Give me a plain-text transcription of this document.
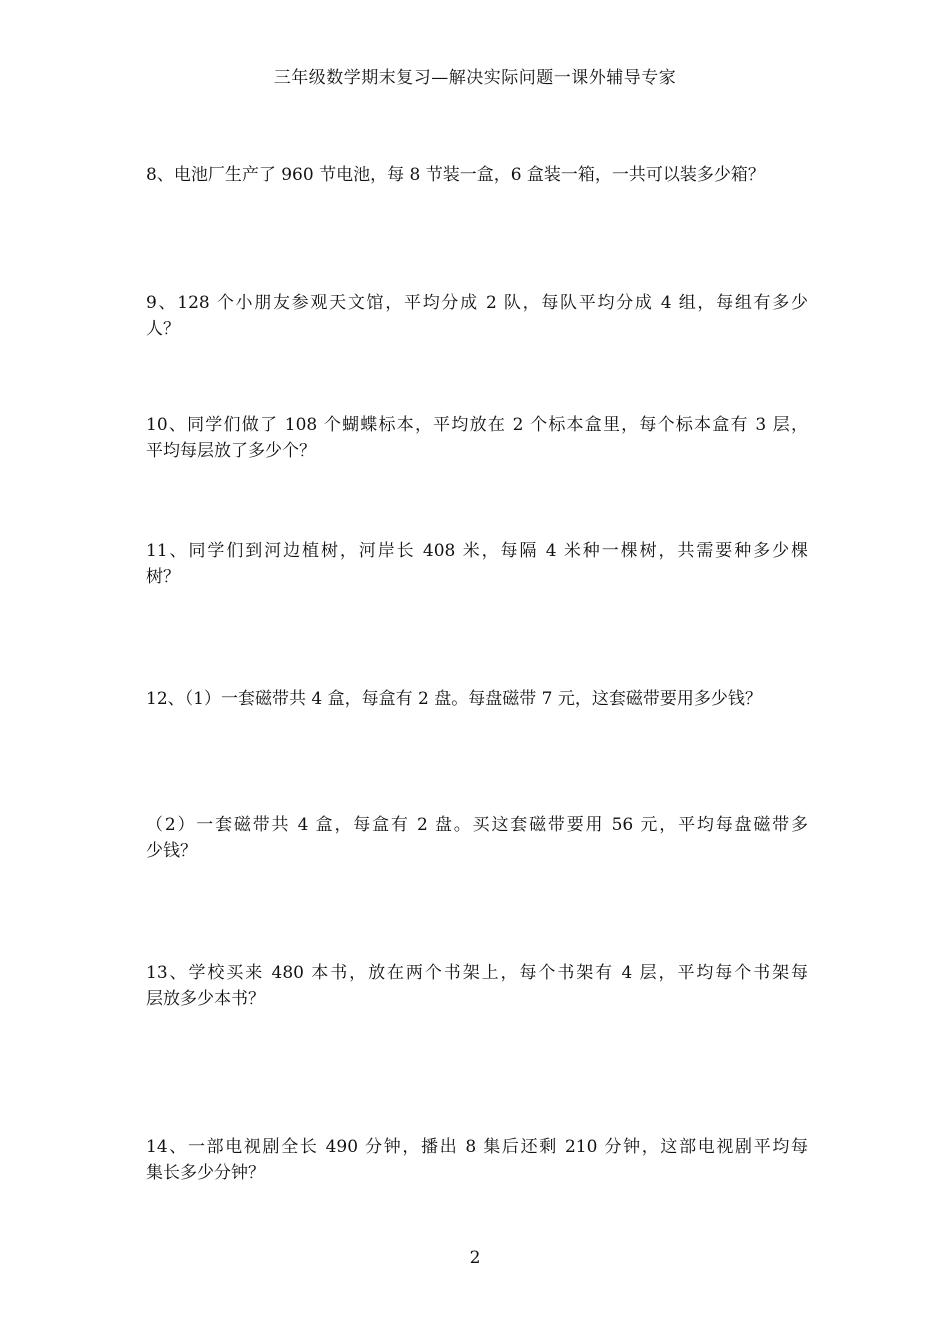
三年级数学期末复习—解决实际问题一课外辅导专家
8、电池厂生产了 960 节电池，每 8 节装一盒，6 盒装一箱，一共可以装多少箱？
9、128 个小朋友参观天文馆，平均分成 2 队，每队平均分成 4 组，每组有多少
人？
10、同学们做了 108 个蝴蝶标本，平均放在 2 个标本盒里，每个标本盒有 3 层，
平均每层放了多少个？
11、同学们到河边植树，河岸长 408 米，每隔 4 米种一棵树，共需要种多少棵
树？
12、（1）一套磁带共 4 盒，每盒有 2 盘。每盘磁带 7 元，这套磁带要用多少钱？
（2）一套磁带共 4 盒，每盒有 2 盘。买这套磁带要用 56 元，平均每盘磁带多
少钱？
13、学校买来 480 本书，放在两个书架上，每个书架有 4 层，平均每个书架每
层放多少本书？
14、一部电视剧全长 490 分钟，播出 8 集后还剩 210 分钟，这部电视剧平均每
集长多少分钟？
2
